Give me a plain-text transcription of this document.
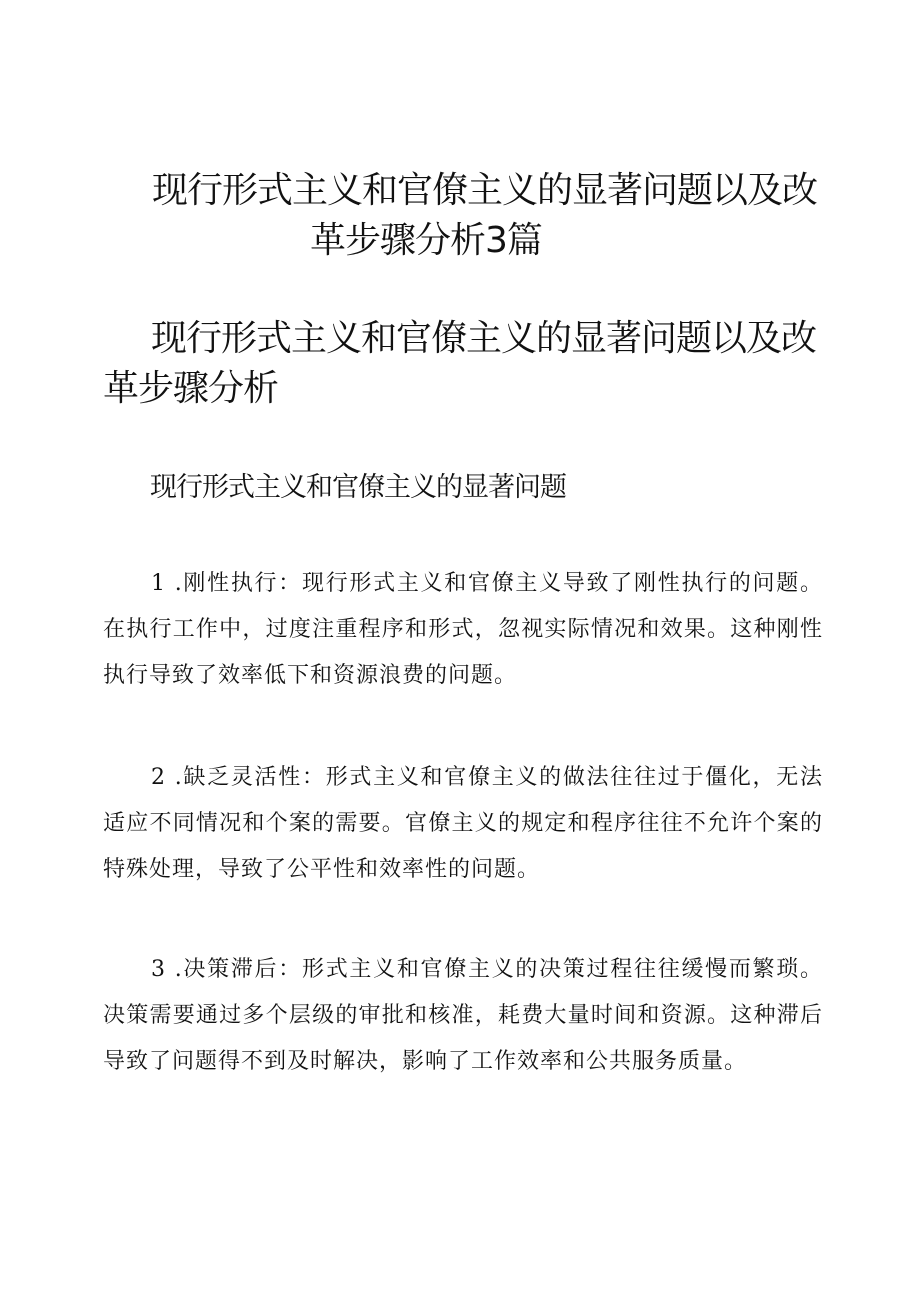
现行形式主义和官僚主义的显著问题以及改
革步骤分析3篇
现行形式主义和官僚主义的显著问题以及改革步骤分析
现行形式主义和官僚主义的显著问题

1 .刚性执行：现行形式主义和官僚主义导致了刚性执行的问题。在执行工作中，过度注重程序和形式，忽视实际情况和效果。这种刚性执行导致了效率低下和资源浪费的问题。

2 .缺乏灵活性：形式主义和官僚主义的做法往往过于僵化，无法适应不同情况和个案的需要。官僚主义的规定和程序往往不允许个案的特殊处理，导致了公平性和效率性的问题。

3 .决策滞后：形式主义和官僚主义的决策过程往往缓慢而繁琐。决策需要通过多个层级的审批和核准，耗费大量时间和资源。这种滞后导致了问题得不到及时解决，影响了工作效率和公共服务质量。
